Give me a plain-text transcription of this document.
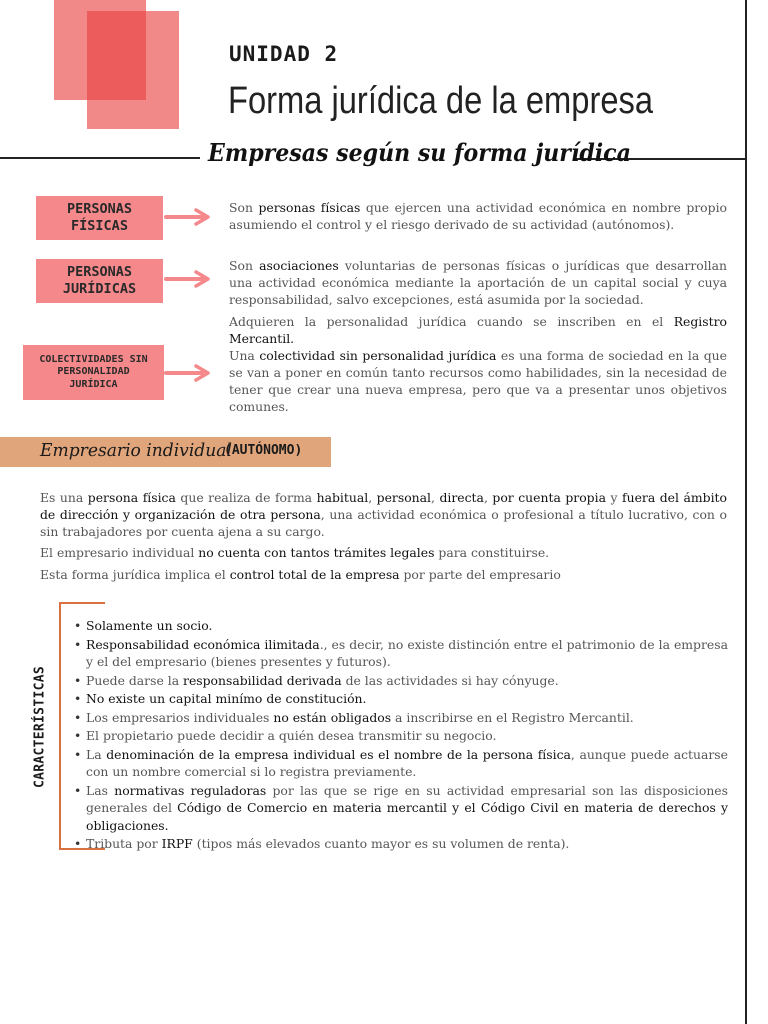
UNIDAD 2
Forma jurídica de la empresa
Empresas según su forma jurídica
PERSONAS
FÍSICAS
Son personas físicas que ejercen una actividad económica en nombre propio asumiendo el control y el riesgo derivado de su actividad (autónomos).
PERSONAS
JURÍDICAS
Son asociaciones voluntarias de personas físicas o jurídicas que desarrollan una actividad económica mediante la aportación de un capital social y cuya responsabilidad, salvo excepciones, está asumida por la sociedad.
Adquieren la personalidad jurídica cuando se inscriben en el Registro Mercantil.
COLECTIVIDADES SIN
PERSONALIDAD
JURÍDICA
Una colectividad sin personalidad jurídica es una forma de sociedad en la que se van a poner en común tanto recursos como habilidades, sin la necesidad de tener que crear una nueva empresa, pero que va a presentar unos objetivos comunes.
Empresario individual
(AUTÓNOMO)

Es una persona física que realiza de forma habitual, personal, directa, por cuenta propia y fuera del ámbito de dirección y organización de otra persona, una actividad económica o profesional a título lucrativo, con o sin trabajadores por cuenta ajena a su cargo.

El empresario individual no cuenta con tantos trámites legales para constituirse.

Esta forma jurídica implica el control total de la empresa por parte del empresario

CARACTERÍSTICAS
• Solamente un socio.
• Responsabilidad económica ilimitada., es decir, no existe distinción entre el patrimonio de la empresa y el del empresario (bienes presentes y futuros).
• Puede darse la responsabilidad derivada de las actividades si hay cónyuge.
• No existe un capital minímo de constitución.
• Los empresarios individuales no están obligados a inscribirse en el Registro Mercantil.
• El propietario puede decidir a quién desea transmitir su negocio.
• La denominación de la empresa individual es el nombre de la persona física, aunque puede actuarse con un nombre comercial si lo registra previamente.
• Las normativas reguladoras por las que se rige en su actividad empresarial son las disposiciones generales del Código de Comercio en materia mercantil y el Código Civil en materia de derechos y obligaciones.
• Tributa por IRPF (tipos más elevados cuanto mayor es su volumen de renta).
